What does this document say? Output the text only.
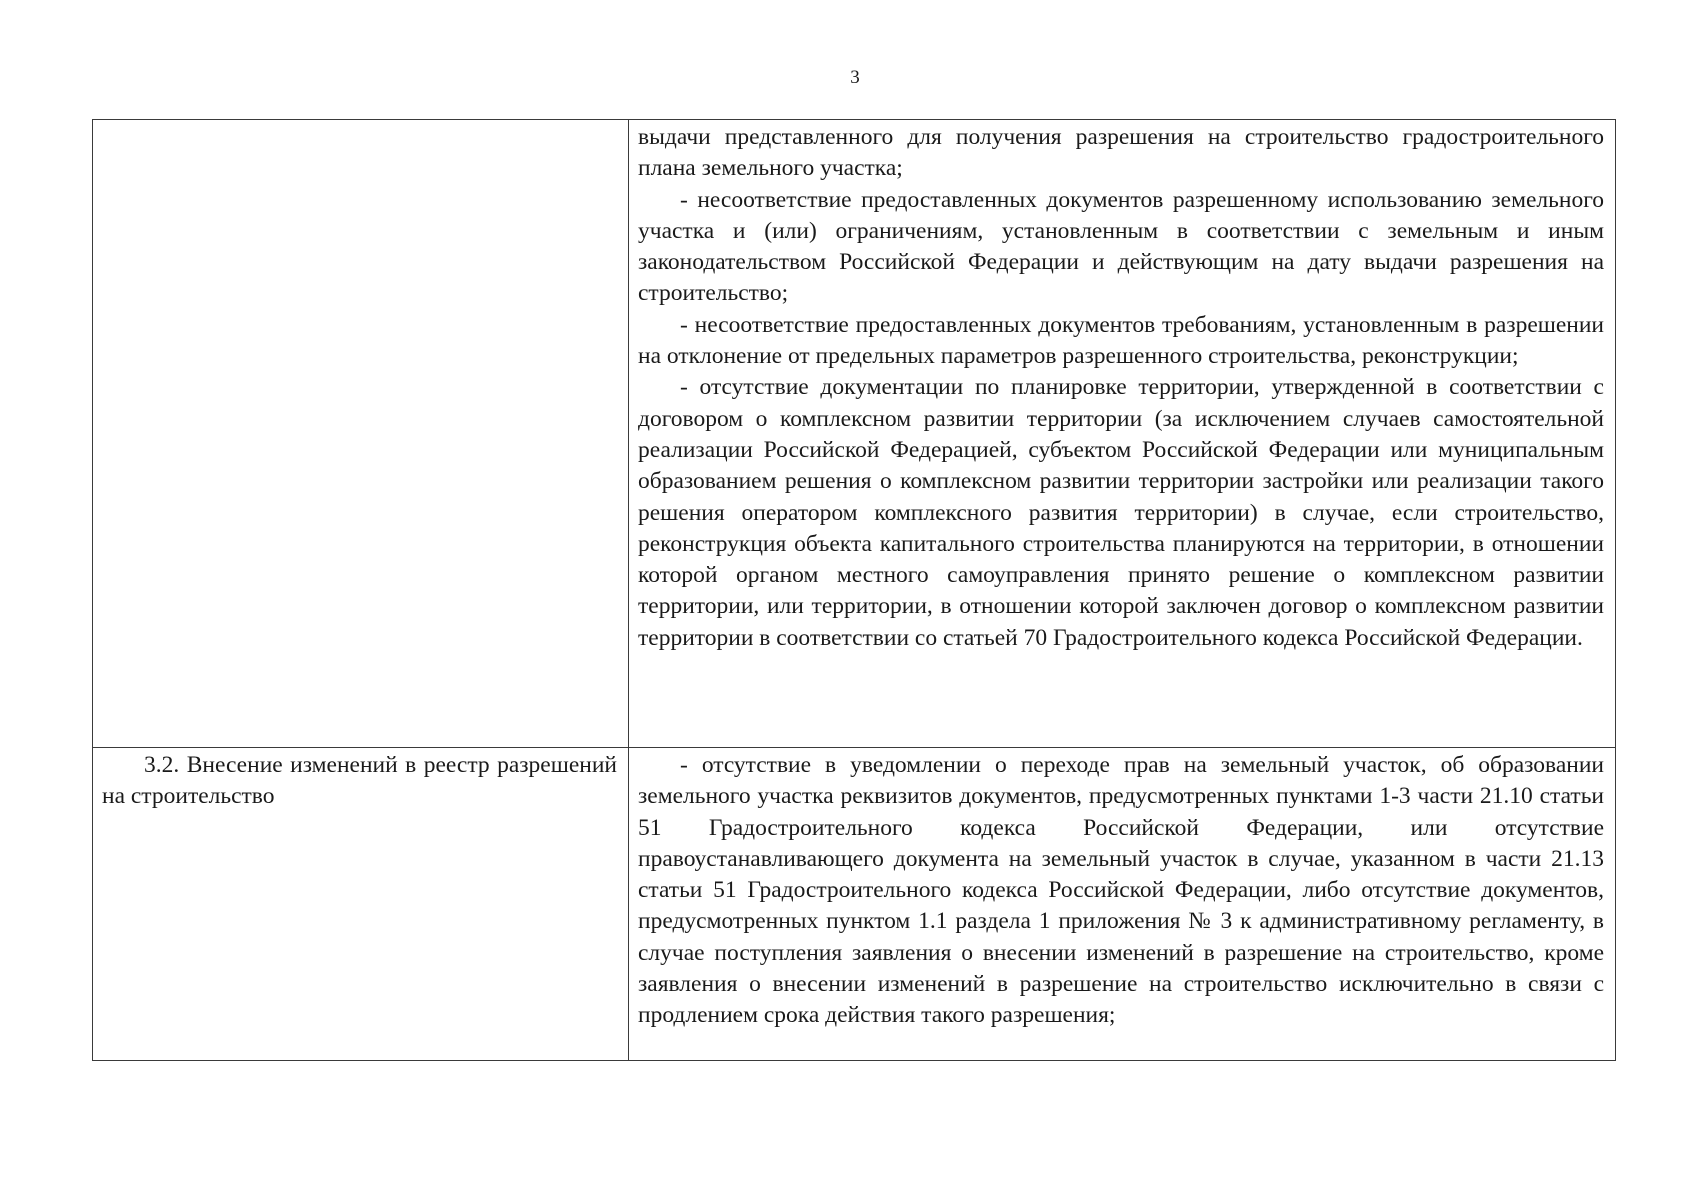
3

	выдачи представленного для получения разрешения на строительство градостроительного плана земельного участка;

- несоответствие предоставленных документов разрешенному использованию земельного участка и (или) ограничениям, установленным в соответствии с земельным и иным законодательством Российской Федерации и действующим на дату выдачи разрешения на строительство;

- несоответствие предоставленных документов требованиям, установленным в разрешении на отклонение от предельных параметров разрешенного строительства, реконструкции;

- отсутствие документации по планировке территории, утвержденной в соответствии с договором о комплексном развитии территории (за исключением случаев самостоятельной реализации Российской Федерацией, субъектом Российской Федерации или муниципальным образованием решения о комплексном развитии территории застройки или реализации такого решения оператором комплексного развития территории) в случае, если строительство, реконструкция объекта капитального строительства планируются на территории, в отношении которой органом местного самоуправления принято решение о комплексном развитии территории, или территории, в отношении которой заключен договор о комплексном развитии территории в соответствии со статьей 70 Градостроительного кодекса Российской Федерации.

3.2. Внесение изменений в реестр разрешений на строительство	- отсутствие в уведомлении о переходе прав на земельный участок, об образовании земельного участка реквизитов документов, предусмотренных пунктами 1-3 части 21.10 статьи 51 Градостроительного кодекса Российской Федерации, или отсутствие правоустанавливающего документа на земельный участок в случае, указанном в части 21.13 статьи 51 Градостроительного кодекса Российской Федерации, либо отсутствие документов, предусмотренных пунктом 1.1 раздела 1 приложения № 3 к административному регламенту, в случае поступления заявления о внесении изменений в разрешение на строительство, кроме заявления о внесении изменений в разрешение на строительство исключительно в связи с продлением срока действия такого разрешения;
